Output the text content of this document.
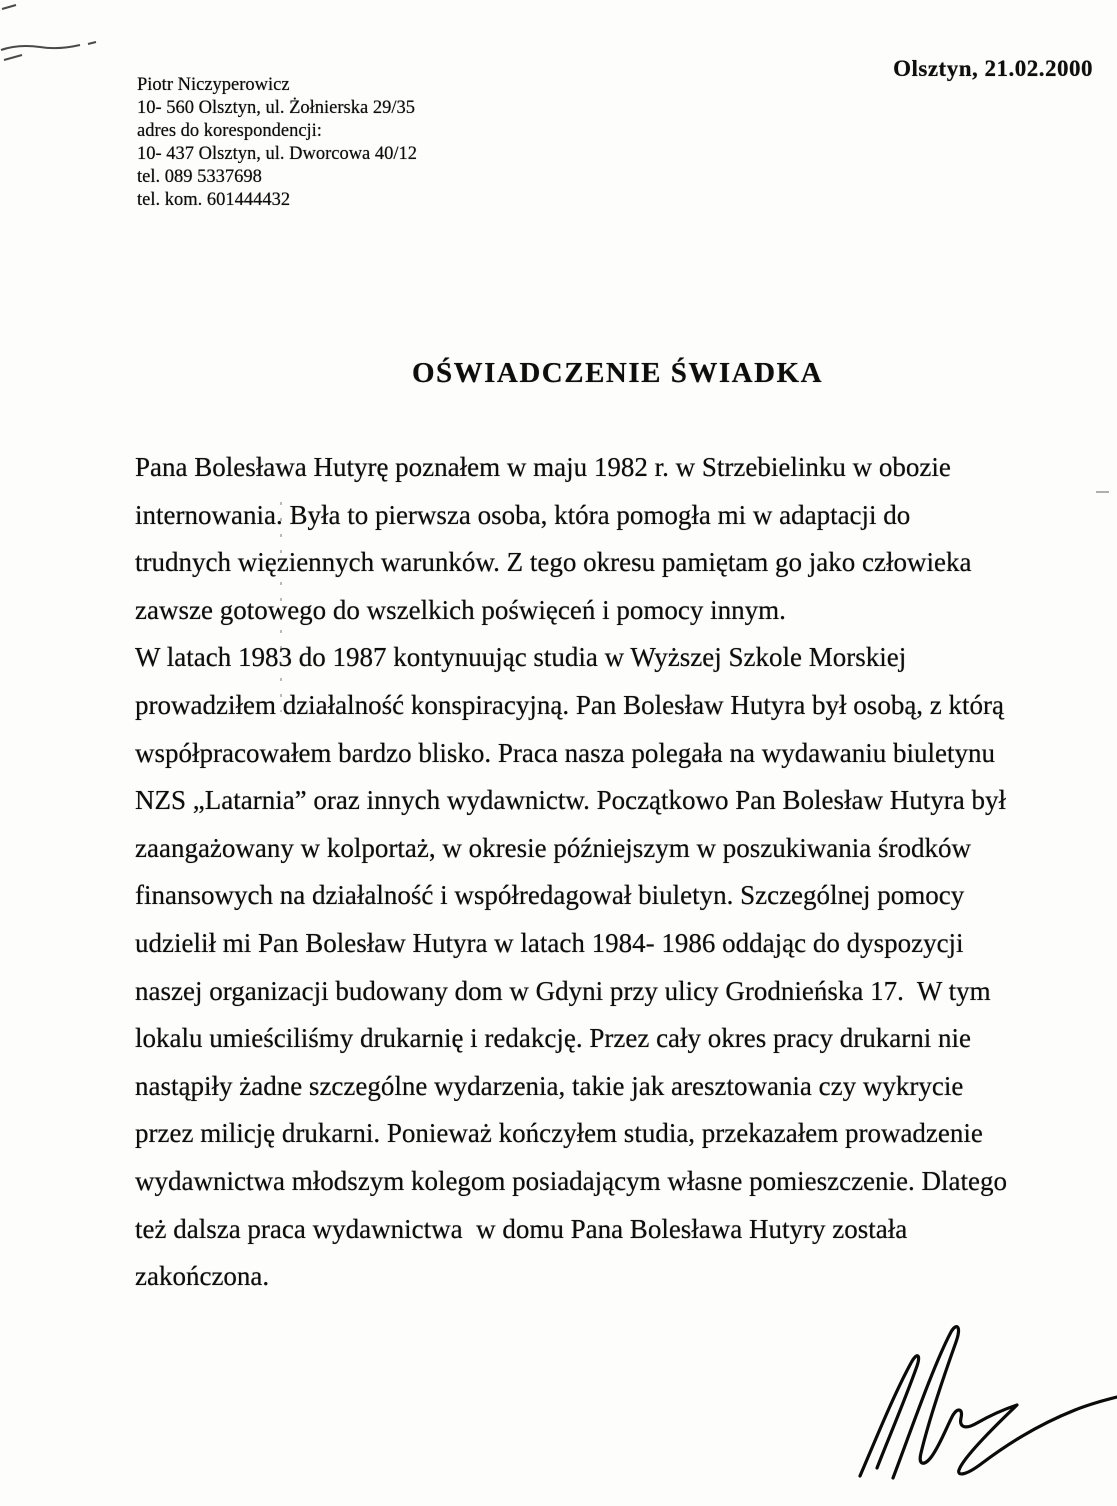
Olsztyn, 21.02.2000
Piotr Niczyperowicz
10- 560 Olsztyn, ul. Żołnierska 29/35
adres do korespondencji:
10- 437 Olsztyn, ul. Dworcowa 40/12
tel. 089 5337698
tel. kom. 601444432
OŚWIADCZENIE ŚWIADKA
Pana Bolesława Hutyrę poznałem w maju 1982 r. w Strzebielinku w obozie
internowania. Była to pierwsza osoba, która pomogła mi w adaptacji do
trudnych więziennych warunków. Z tego okresu pamiętam go jako człowieka
zawsze gotowego do wszelkich poświęceń i pomocy innym.
W latach 1983 do 1987 kontynuując studia w Wyższej Szkole Morskiej
prowadziłem działalność konspiracyjną. Pan Bolesław Hutyra był osobą, z którą
współpracowałem bardzo blisko. Praca nasza polegała na wydawaniu biuletynu
NZS „Latarnia” oraz innych wydawnictw. Początkowo Pan Bolesław Hutyra był
zaangażowany w kolportaż, w okresie późniejszym w poszukiwania środków
finansowych na działalność i współredagował biuletyn. Szczególnej pomocy
udzielił mi Pan Bolesław Hutyra w latach 1984- 1986 oddając do dyspozycji
naszej organizacji budowany dom w Gdyni przy ulicy Grodnieńska 17.  W tym
lokalu umieściliśmy drukarnię i redakcję. Przez cały okres pracy drukarni nie
nastąpiły żadne szczególne wydarzenia, takie jak aresztowania czy wykrycie
przez milicję drukarni. Ponieważ kończyłem studia, przekazałem prowadzenie
wydawnictwa młodszym kolegom posiadającym własne pomieszczenie. Dlatego
też dalsza praca wydawnictwa  w domu Pana Bolesława Hutyry została
zakończona.
